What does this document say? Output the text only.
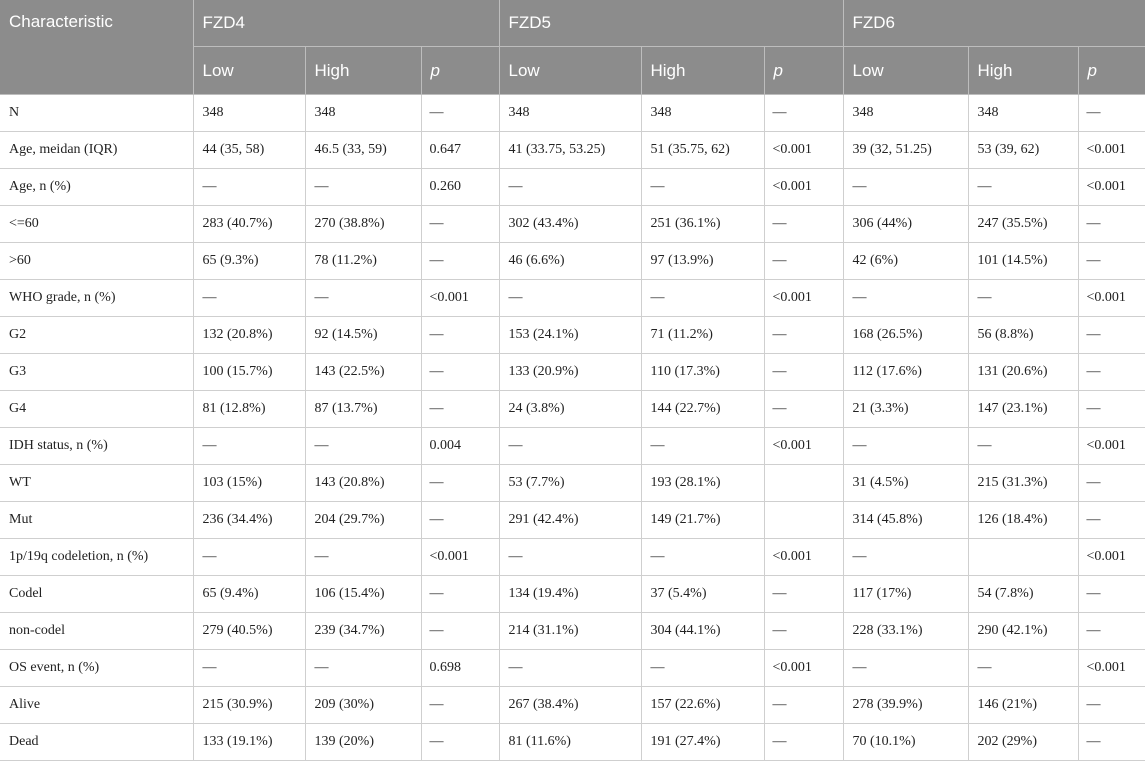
Characteristic	FZD4			FZD5			FZD6		
	Low	High	p	Low	High	p	Low	High	p
N	348	348	—	348	348	—	348	348	—
Age, meidan (IQR)	44 (35, 58)	46.5 (33, 59)	0.647	41 (33.75, 53.25)	51 (35.75, 62)	<0.001	39 (32, 51.25)	53 (39, 62)	<0.001
Age, n (%)	—	—	0.260	—	—	<0.001	—	—	<0.001
<=60	283 (40.7%)	270 (38.8%)	—	302 (43.4%)	251 (36.1%)	—	306 (44%)	247 (35.5%)	—
>60	65 (9.3%)	78 (11.2%)	—	46 (6.6%)	97 (13.9%)	—	42 (6%)	101 (14.5%)	—
WHO grade, n (%)	—	—	<0.001	—	—	<0.001	—	—	<0.001
G2	132 (20.8%)	92 (14.5%)	—	153 (24.1%)	71 (11.2%)	—	168 (26.5%)	56 (8.8%)	—
G3	100 (15.7%)	143 (22.5%)	—	133 (20.9%)	110 (17.3%)	—	112 (17.6%)	131 (20.6%)	—
G4	81 (12.8%)	87 (13.7%)	—	24 (3.8%)	144 (22.7%)	—	21 (3.3%)	147 (23.1%)	—
IDH status, n (%)	—	—	0.004	—	—	<0.001	—	—	<0.001
WT	103 (15%)	143 (20.8%)	—	53 (7.7%)	193 (28.1%)		31 (4.5%)	215 (31.3%)	—
Mut	236 (34.4%)	204 (29.7%)	—	291 (42.4%)	149 (21.7%)		314 (45.8%)	126 (18.4%)	—
1p/19q codeletion, n (%)	—	—	<0.001	—	—	<0.001	—		<0.001
Codel	65 (9.4%)	106 (15.4%)	—	134 (19.4%)	37 (5.4%)	—	117 (17%)	54 (7.8%)	—
non-codel	279 (40.5%)	239 (34.7%)	—	214 (31.1%)	304 (44.1%)	—	228 (33.1%)	290 (42.1%)	—
OS event, n (%)	—	—	0.698	—	—	<0.001	—	—	<0.001
Alive	215 (30.9%)	209 (30%)	—	267 (38.4%)	157 (22.6%)	—	278 (39.9%)	146 (21%)	—
Dead	133 (19.1%)	139 (20%)	—	81 (11.6%)	191 (27.4%)	—	70 (10.1%)	202 (29%)	—
